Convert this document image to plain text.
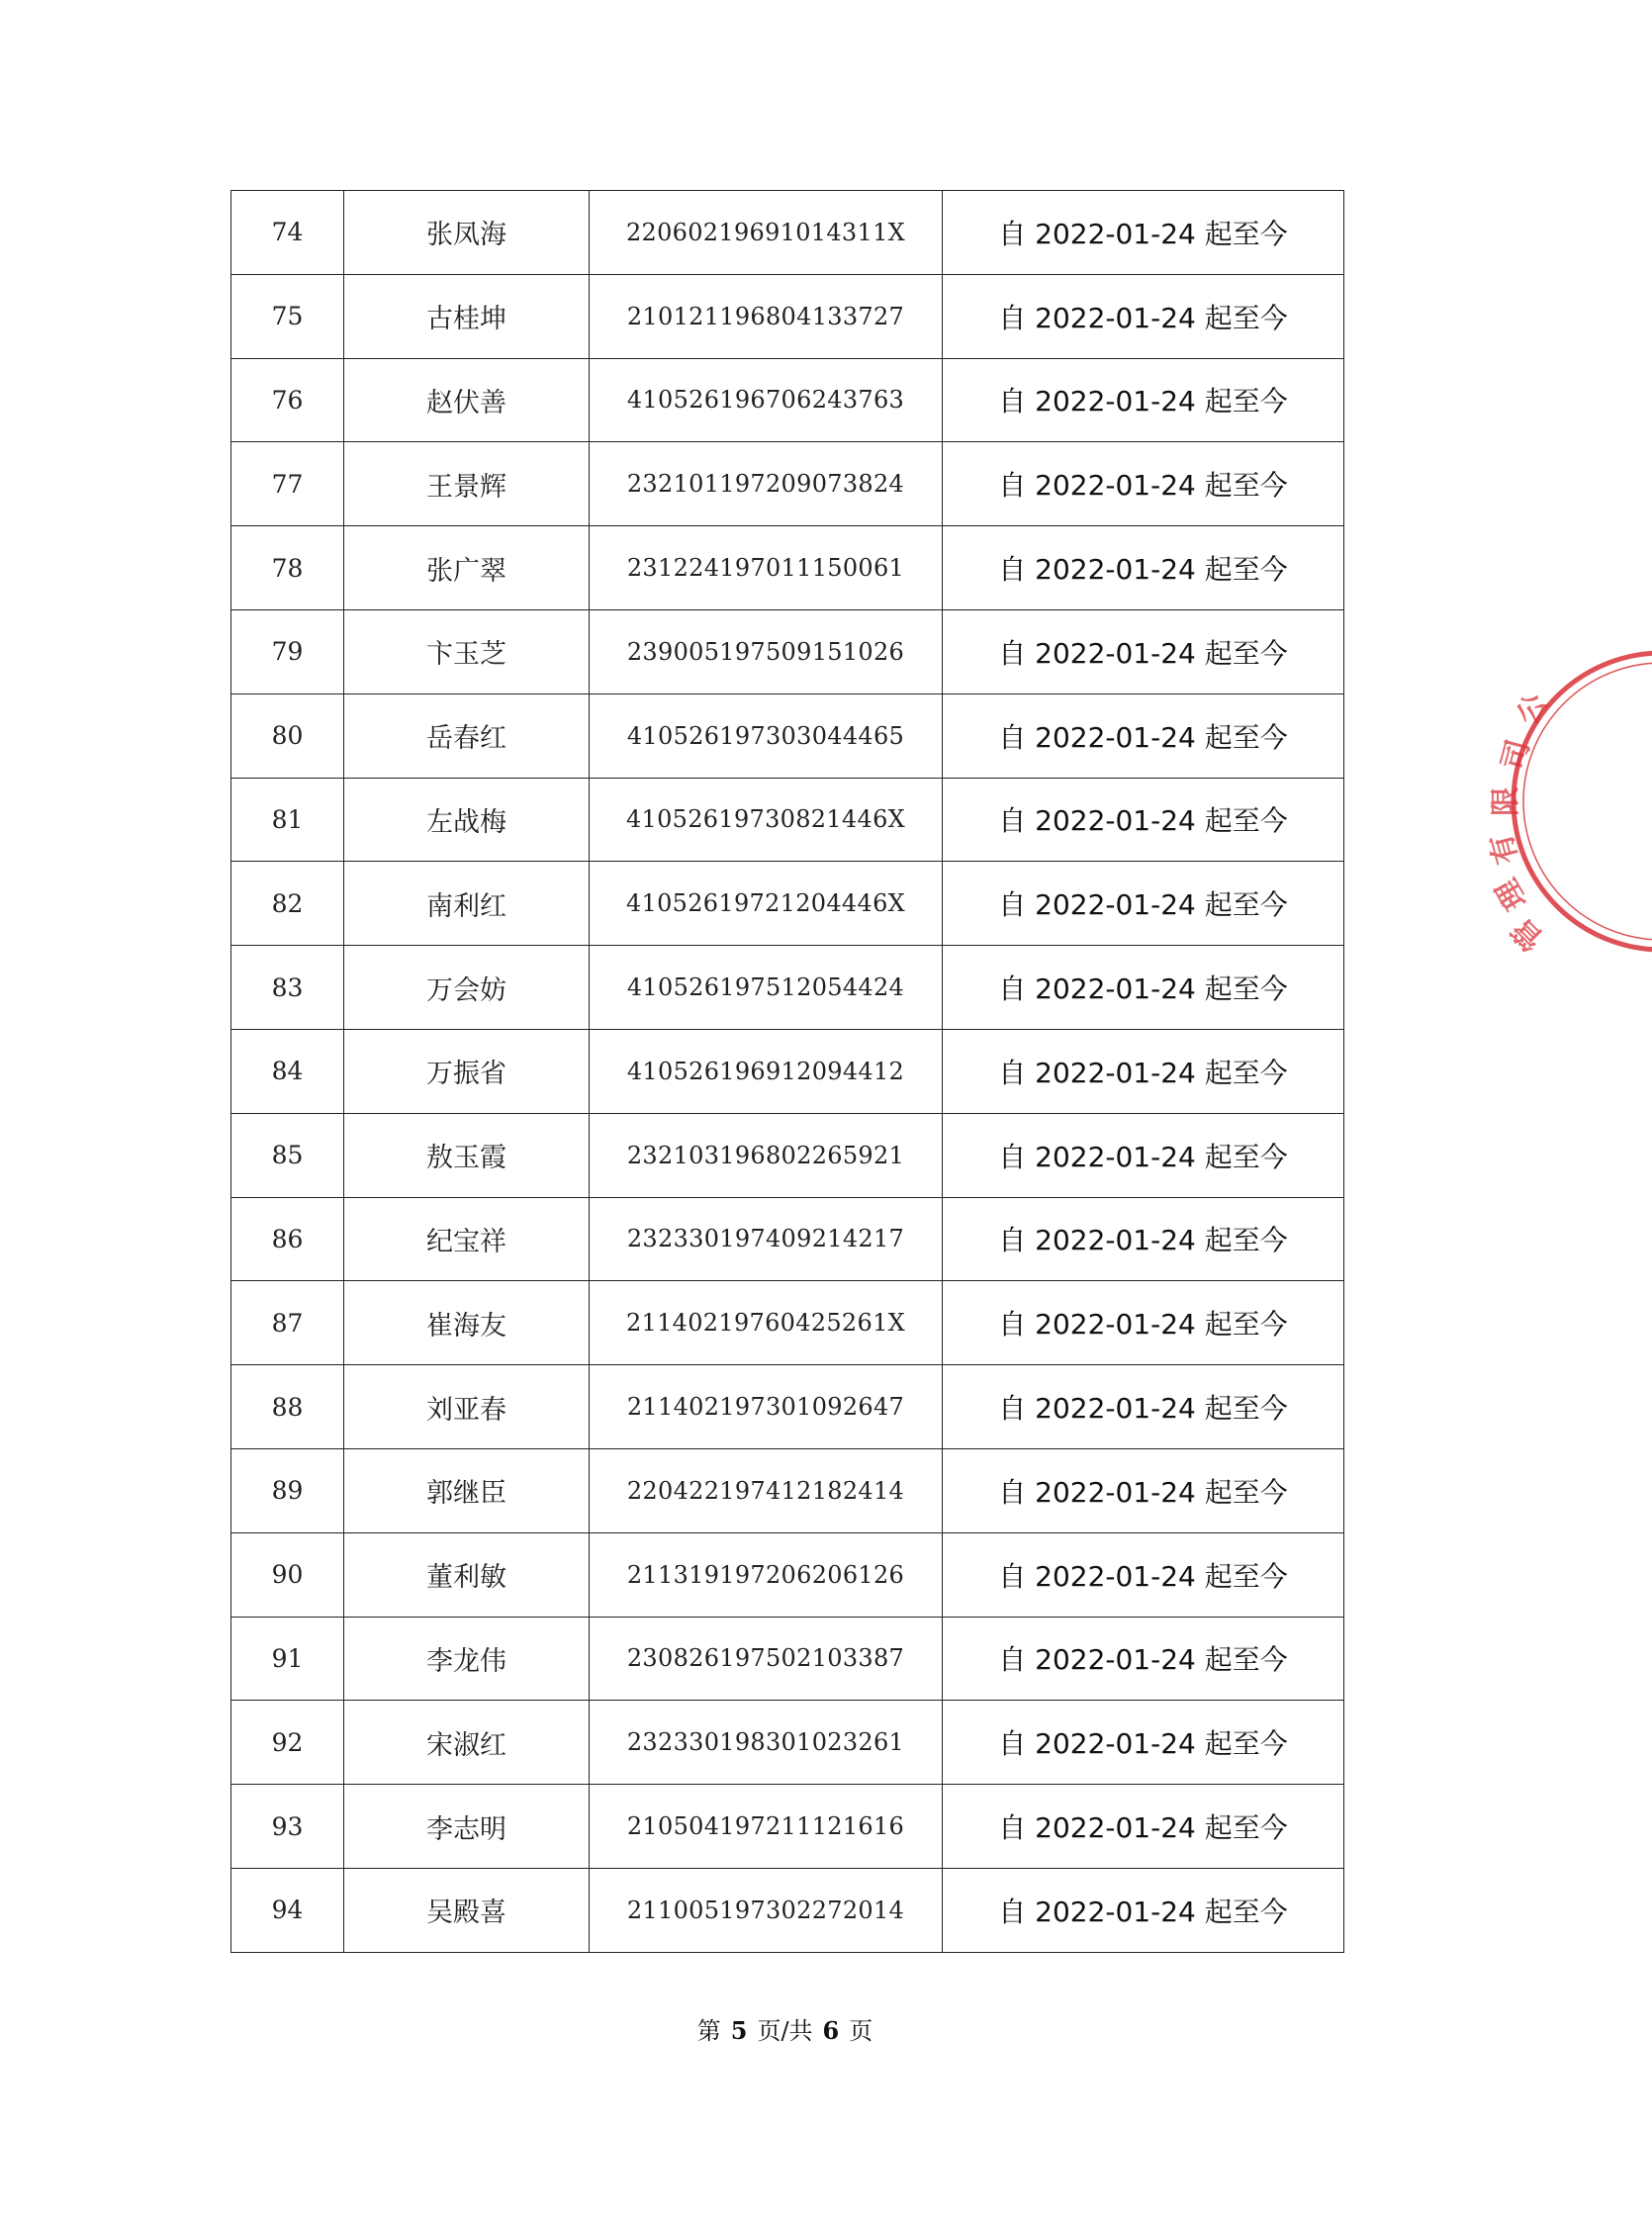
74	张凤海	22060219691014311X	自 2022-01-24 起至今
75	古桂坤	210121196804133727	自 2022-01-24 起至今
76	赵伏善	410526196706243763	自 2022-01-24 起至今
77	王景辉	232101197209073824	自 2022-01-24 起至今
78	张广翠	231224197011150061	自 2022-01-24 起至今
79	卞玉芝	239005197509151026	自 2022-01-24 起至今
80	岳春红	410526197303044465	自 2022-01-24 起至今
81	左战梅	41052619730821446X	自 2022-01-24 起至今
82	南利红	41052619721204446X	自 2022-01-24 起至今
83	万会妨	410526197512054424	自 2022-01-24 起至今
84	万振省	410526196912094412	自 2022-01-24 起至今
85	敖玉霞	232103196802265921	自 2022-01-24 起至今
86	纪宝祥	232330197409214217	自 2022-01-24 起至今
87	崔海友	21140219760425261X	自 2022-01-24 起至今
88	刘亚春	211402197301092647	自 2022-01-24 起至今
89	郭继臣	220422197412182414	自 2022-01-24 起至今
90	董利敏	211319197206206126	自 2022-01-24 起至今
91	李龙伟	230826197502103387	自 2022-01-24 起至今
92	宋淑红	232330198301023261	自 2022-01-24 起至今
93	李志明	210504197211121616	自 2022-01-24 起至今
94	吴殿喜	211005197302272014	自 2022-01-24 起至今
第 5 页/共 6 页
公
司
限
有
理
管
